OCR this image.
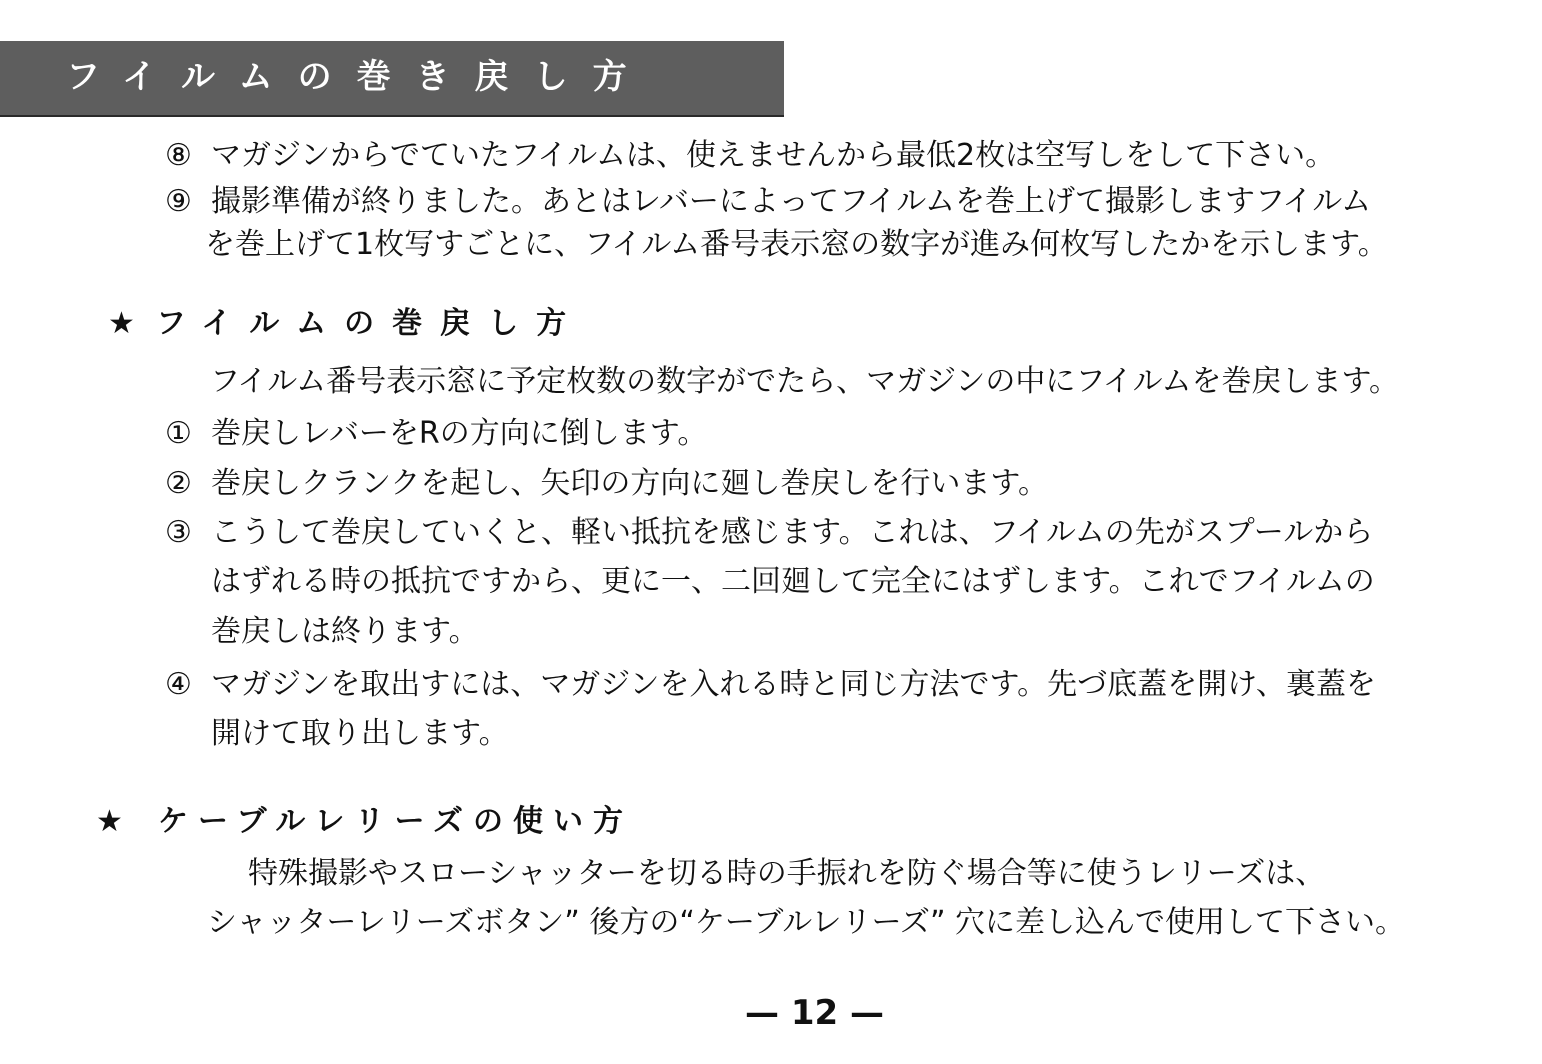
フイルムの巻き戻し方

⑧ マガジンからでていたフイルムは、使えませんから最低2枚は空写しをして下さい。

⑨ 撮影準備が終りました。あとはレバーによってフイルムを巻上げて撮影しますフイルム

を巻上げて1枚写すごとに、フイルム番号表示窓の数字が進み何枚写したかを示します。

★ フイルムの巻戻し方

フイルム番号表示窓に予定枚数の数字がでたら、マガジンの中にフイルムを巻戻します。

① 巻戻しレバーをRの方向に倒します。

② 巻戻しクランクを起し、矢印の方向に廻し巻戻しを行います。

③ こうして巻戻していくと、軽い抵抗を感じます。これは、フイルムの先がスプールから

はずれる時の抵抗ですから、更に一、二回廻して完全にはずします。これでフイルムの

巻戻しは終ります。

④ マガジンを取出すには、マガジンを入れる時と同じ方法です。先づ底蓋を開け、裏蓋を

開けて取り出します。

★ ケーブルレリーズの使い方

特殊撮影やスローシャッターを切る時の手振れを防ぐ場合等に使うレリーズは、

シャッターレリーズボタン” 後方の“ケーブルレリーズ” 穴に差し込んで使用して下さい。

— 12 —
